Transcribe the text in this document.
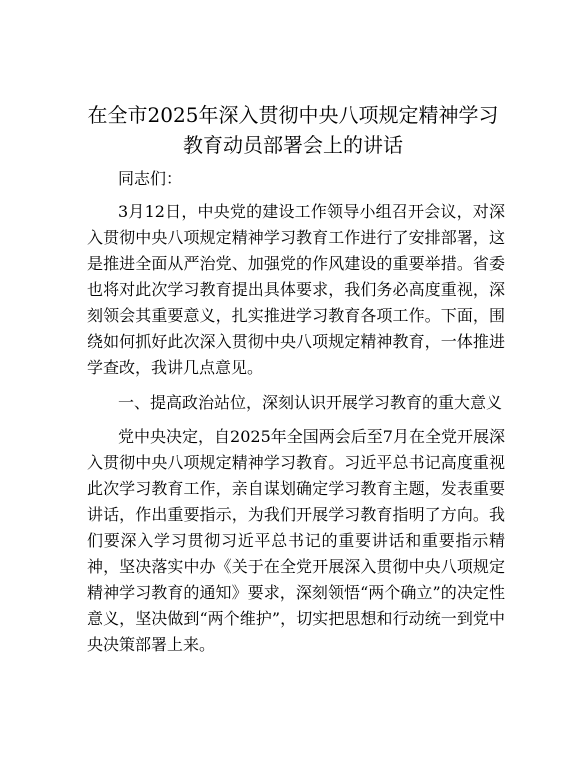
在全市2025年深入贯彻中央八项规定精神学习
教育动员部署会上的讲话

同志们：

3月12日，中央党的建设工作领导小组召开会议，对深入贯彻中央八项规定精神学习教育工作进行了安排部署，这是推进全面从严治党、加强党的作风建设的重要举措。省委也将对此次学习教育提出具体要求，我们务必高度重视，深刻领会其重要意义，扎实推进学习教育各项工作。下面，围绕如何抓好此次深入贯彻中央八项规定精神教育，一体推进学查改，我讲几点意见。

一、提高政治站位，深刻认识开展学习教育的重大意义

党中央决定，自2025年全国两会后至7月在全党开展深入贯彻中央八项规定精神学习教育。习近平总书记高度重视此次学习教育工作，亲自谋划确定学习教育主题，发表重要讲话，作出重要指示，为我们开展学习教育指明了方向。我们要深入学习贯彻习近平总书记的重要讲话和重要指示精神，坚决落实中办《关于在全党开展深入贯彻中央八项规定精神学习教育的通知》要求，深刻领悟“两个确立”的决定性意义，坚决做到“两个维护”，切实把思想和行动统一到党中央决策部署上来。
